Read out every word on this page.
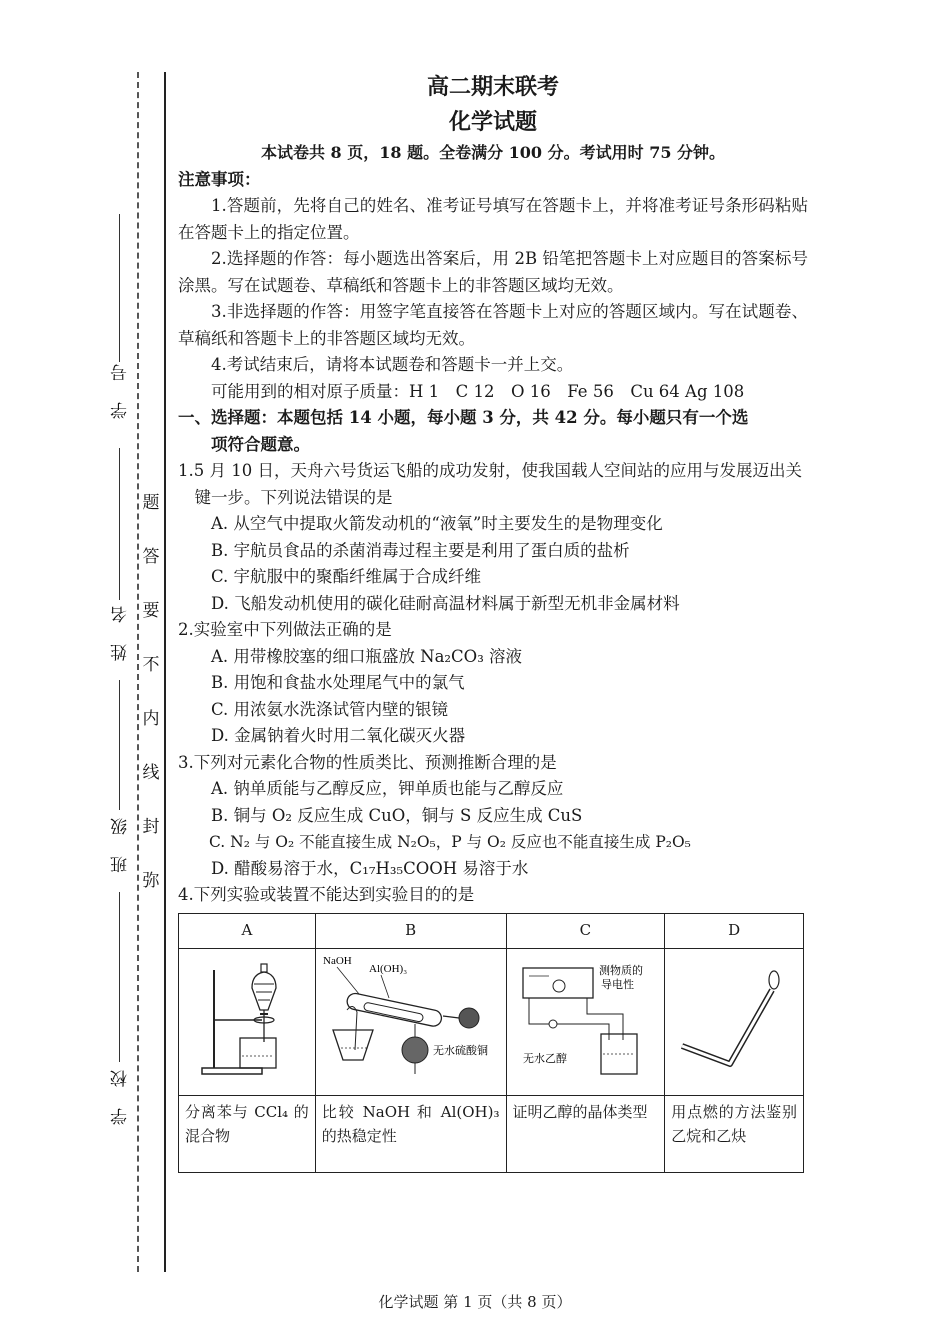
学　号
姓　名
班　级
学　校
题
答
要
不
内
线
封
弥
高二期末联考
化学试题
本试卷共 8 页，18 题。全卷满分 100 分。考试用时 75 分钟。
注意事项：
1.答题前，先将自己的姓名、准考证号填写在答题卡上，并将准考证号条形码粘贴在答题卡上的指定位置。
2.选择题的作答：每小题选出答案后，用 2B 铅笔把答题卡上对应题目的答案标号涂黑。写在试题卷、草稿纸和答题卡上的非答题区域均无效。
3.非选择题的作答：用签字笔直接答在答题卡上对应的答题区域内。写在试题卷、草稿纸和答题卡上的非答题区域均无效。
4.考试结束后，请将本试题卷和答题卡一并上交。
可能用到的相对原子质量：H 1　C 12　O 16　Fe 56　Cu 64 Ag 108
一、选择题：本题包括 14 小题，每小题 3 分，共 42 分。每小题只有一个选
项符合题意。
1.5 月 10 日，天舟六号货运飞船的成功发射，使我国载人空间站的应用与发展迈出关键一步。下列说法错误的是
A. 从空气中提取火箭发动机的“液氧”时主要发生的是物理变化
B. 宇航员食品的杀菌消毒过程主要是利用了蛋白质的盐析
C. 宇航服中的聚酯纤维属于合成纤维
D. 飞船发动机使用的碳化硅耐高温材料属于新型无机非金属材料
2.实验室中下列做法正确的是
A. 用带橡胶塞的细口瓶盛放 Na₂CO₃ 溶液
B. 用饱和食盐水处理尾气中的氯气
C. 用浓氨水洗涤试管内壁的银镜
D. 金属钠着火时用二氧化碳灭火器
3.下列对元素化合物的性质类比、预测推断合理的是
A. 钠单质能与乙醇反应，钾单质也能与乙醇反应
B. 铜与 O₂ 反应生成 CuO，铜与 S 反应生成 CuS
C. N₂ 与 O₂ 不能直接生成 N₂O₅，P 与 O₂ 反应也不能直接生成 P₂O₅
D. 醋酸易溶于水，C₁₇H₃₅COOH 易溶于水
4.下列实验或装置不能达到实验目的的是
A	B	C	D

NaOH
Al(OH)₃
无水硫酸铜	测物质的
导电性
无水乙醇

分离苯与 CCl₄ 的混合物	比较 NaOH 和 Al(OH)₃ 的热稳定性	证明乙醇的晶体类型	用点燃的方法鉴别乙烷和乙炔
化学试题 第 1 页（共 8 页）
